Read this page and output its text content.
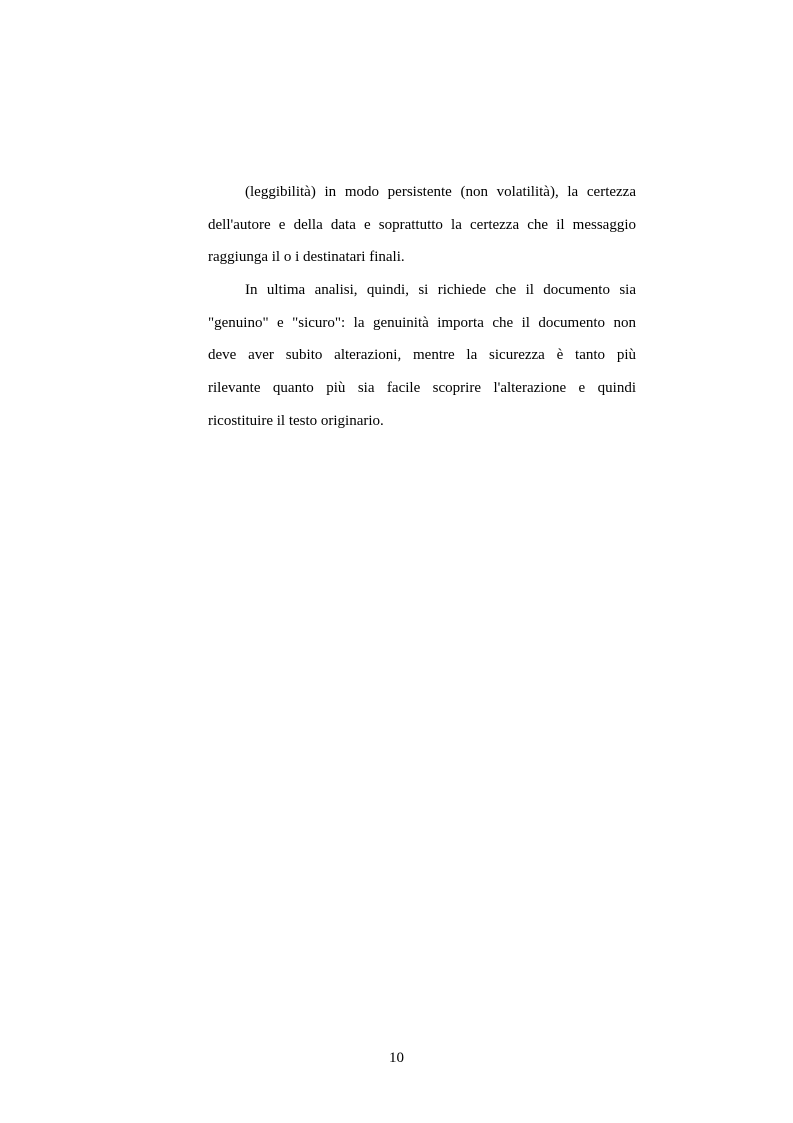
(leggibilità) in modo persistente (non volatilità), la certezza
dell'autore e della data e soprattutto la certezza che il messaggio
raggiunga il o i destinatari finali.
In ultima analisi, quindi, si richiede che il documento sia
"genuino" e "sicuro": la genuinità importa che il documento non
deve aver subito alterazioni, mentre la sicurezza è tanto più
rilevante quanto più sia facile scoprire l'alterazione e quindi
ricostituire il testo originario.
10
